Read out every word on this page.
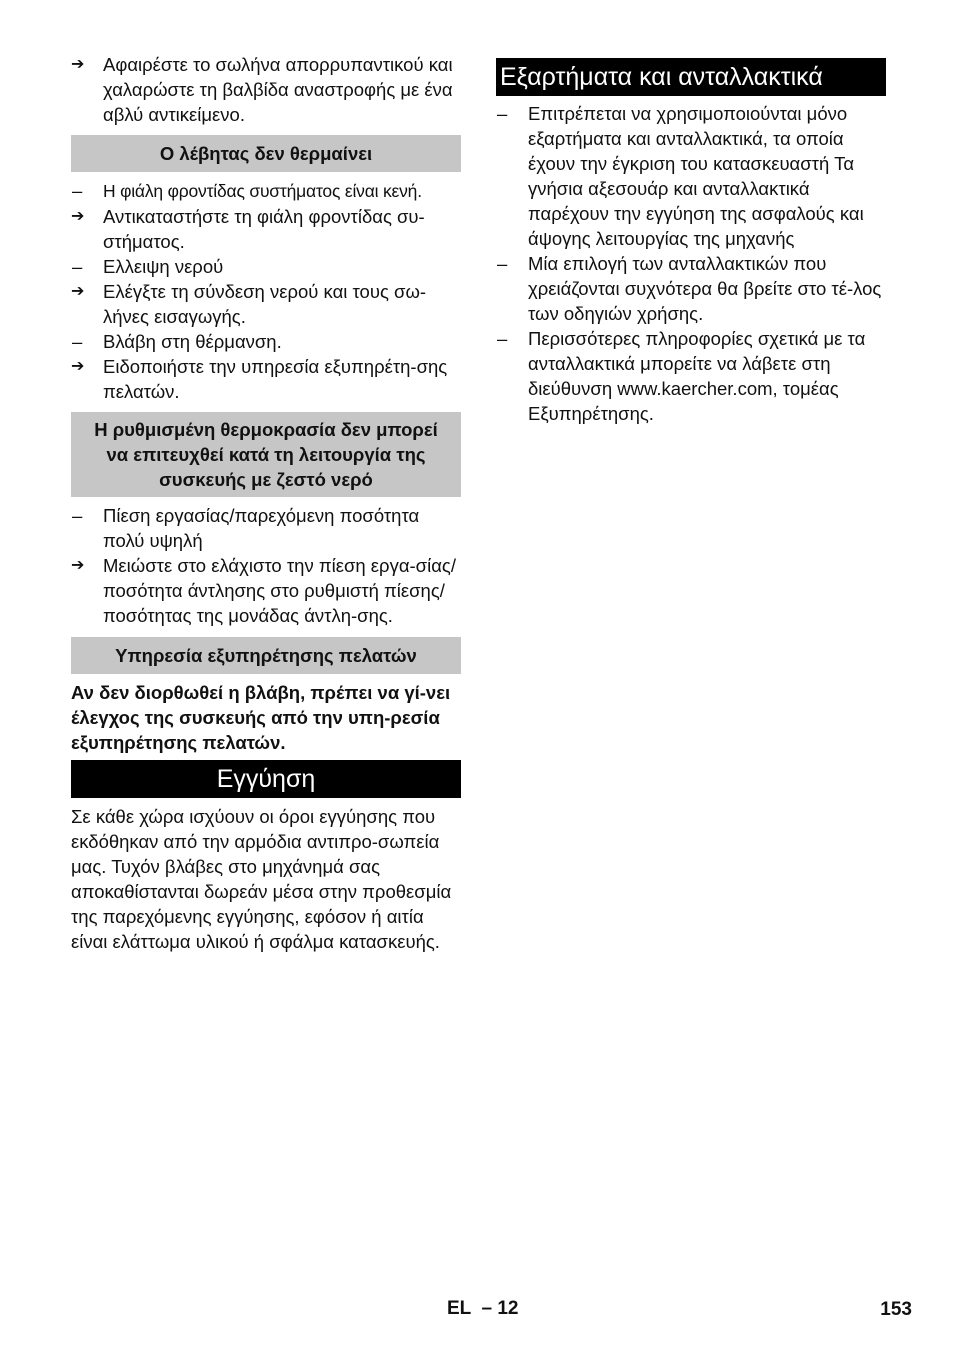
➔	Αφαιρέστε το σωλήνα απορρυπαντικού και χαλαρώστε τη βαλβίδα αναστροφής με ένα αβλύ αντικείμενο.
Ο λέβητας δεν θερμαίνει
–	Η φιάλη φροντίδας συστήματος είναι κενή.
➔	Αντικαταστήστε τη φιάλη φροντίδας συ-στήματος.
–	Ελλειψη νερού
➔	Ελέγξτε τη σύνδεση νερού και τους σω-λήνες εισαγωγής.
–	Βλάβη στη θέρμανση.
➔	Ειδοποιήστε την υπηρεσία εξυπηρέτη-σης πελατών.
Η ρυθμισμένη θερμοκρασία δεν μπορεί να επιτευχθεί κατά τη λειτουργία της συσκευής με ζεστό νερό
–	Πίεση εργασίας/παρεχόμενη ποσότητα πολύ υψηλή
➔	Μειώστε στο ελάχιστο την πίεση εργα-σίας/ποσότητα άντλησης στο ρυθμιστή πίεσης/ποσότητας της μονάδας άντλη-σης.
Υπηρεσία εξυπηρέτησης πελατών
Αν δεν διορθωθεί η βλάβη, πρέπει να γί-νει έλεγχος της συσκευής από την υπη-ρεσία εξυπηρέτησης πελατών.
Εγγύηση
Σε κάθε χώρα ισχύουν οι όροι εγγύησης που εκδόθηκαν από την αρμόδια αντιπρο-σωπεία μας. Τυχόν βλάβες στο μηχάνημά σας αποκαθίστανται δωρεάν μέσα στην προθεσμία της παρεχόμενης εγγύησης, εφόσον ή αιτία είναι ελάττωμα υλικού ή σφάλμα κατασκευής.
Εξαρτήματα και ανταλλακτικά
–	Επιτρέπεται να χρησιμοποιούνται μόνο εξαρτήματα και ανταλλακτικά, τα οποία έχουν την έγκριση του κατασκευαστή Τα γνήσια αξεσουάρ και ανταλλακτικά παρέχουν την εγγύηση της ασφαλούς και άψογης λειτουργίας της μηχανής
–	Μία επιλογή των ανταλλακτικών που χρειάζονται συχνότερα θα βρείτε στο τέ-λος των οδηγιών χρήσης.
–	Περισσότερες πληροφορίες σχετικά με τα ανταλλακτικά μπορείτε να λάβετε στη διεύθυνση www.kaercher.com, τομέας Εξυπηρέτησης.
EL  – 12	153
